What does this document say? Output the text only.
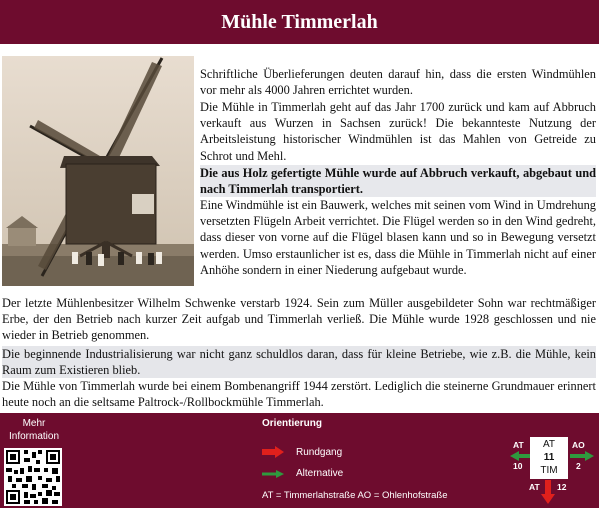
Mühle Timmerlah

Schriftliche Überlieferungen deuten darauf hin, dass die ersten Windmühlen vor mehr als 4000 Jahren errichtet wurden.

Die Mühle in Timmerlah geht auf das Jahr 1700 zurück und kam auf Abbruch verkauft aus Wurzen in Sachsen zurück! Die bekannteste Nutzung der Arbeitsleistung historischer Windmühlen ist das Mahlen von Getreide zu Schrot und Mehl.

Die aus Holz gefertigte Mühle wurde auf Abbruch verkauft, abgebaut und nach Timmerlah transportiert.

Eine Windmühle ist ein Bauwerk, welches mit seinen vom Wind in Umdrehung versetzten Flügeln Arbeit verrichtet. Die Flügel werden so in den Wind gedreht, dass dieser von vorne auf die Flügel blasen kann und so in Bewegung versetzt werden. Umso erstaunlicher ist es, dass die Mühle in Timmerlah nicht auf einer Anhöhe sondern in einer Niederung aufgebaut wurde.

Der letzte Mühlenbesitzer Wilhelm Schwenke verstarb 1924. Sein zum Müller ausgebildeter Sohn war rechtmäßiger Erbe, der den Betrieb nach kurzer Zeit aufgab und Timmerlah verließ. Die Mühle wurde 1928 geschlossen und nie wieder in Betrieb genommen.

Die beginnende Industrialisierung war nicht ganz schuldlos daran, dass für kleine Betriebe, wie z.B. die Mühle, kein Raum zum Existieren blieb.

Die Mühle von Timmerlah wurde bei einem Bombenangriff 1944 zerstört. Lediglich die steinerne Grundmauer erinnert heute noch an die seltsame Paltrock-/Rollbockmühle Timmerlah.

Mehr
Information
Orientierung
Rundgang
Alternative
AT = Timmerlahstraße AO = Ohlenhofstraße
AT
10
AT
11
TIM
AO
2
AT 12
